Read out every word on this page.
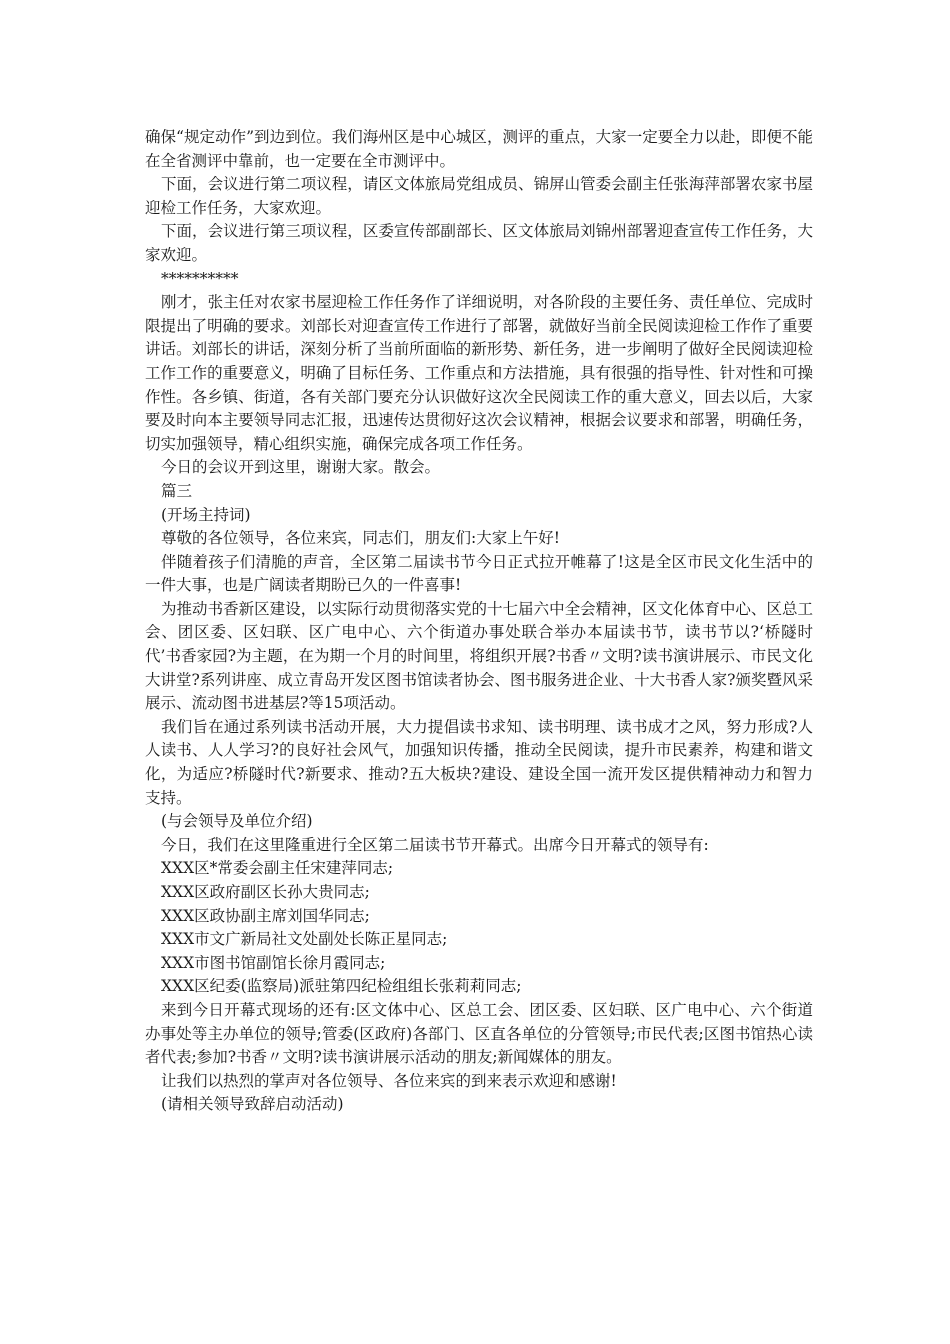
确保“规定动作”到边到位。我们海州区是中心城区，测评的重点，大家一定要全力以赴，即便不能在全省测评中靠前，也一定要在全市测评中。

下面，会议进行第二项议程，请区文体旅局党组成员、锦屏山管委会副主任张海萍部署农家书屋迎检工作任务，大家欢迎。

下面，会议进行第三项议程，区委宣传部副部长、区文体旅局刘锦州部署迎查宣传工作任务，大家欢迎。

**********

刚才，张主任对农家书屋迎检工作任务作了详细说明，对各阶段的主要任务、责任单位、完成时限提出了明确的要求。刘部长对迎查宣传工作进行了部署，就做好当前全民阅读迎检工作作了重要讲话。刘部长的讲话，深刻分析了当前所面临的新形势、新任务，进一步阐明了做好全民阅读迎检工作工作的重要意义，明确了目标任务、工作重点和方法措施，具有很强的指导性、针对性和可操作性。各乡镇、街道，各有关部门要充分认识做好这次全民阅读工作的重大意义，回去以后，大家要及时向本主要领导同志汇报，迅速传达贯彻好这次会议精神，根据会议要求和部署，明确任务，切实加强领导，精心组织实施，确保完成各项工作任务。

今日的会议开到这里，谢谢大家。散会。

篇三

(开场主持词)

尊敬的各位领导，各位来宾，同志们，朋友们:大家上午好!

伴随着孩子们清脆的声音，全区第二届读书节今日正式拉开帷幕了!这是全区市民文化生活中的一件大事，也是广阔读者期盼已久的一件喜事!

为推动书香新区建设，以实际行动贯彻落实党的十七届六中全会精神，区文化体育中心、区总工会、团区委、区妇联、区广电中心、六个街道办事处联合举办本届读书节，读书节以?‘桥隧时代’书香家园?为主题，在为期一个月的时间里，将组织开展?书香〃文明?读书演讲展示、市民文化大讲堂?系列讲座、成立青岛开发区图书馆读者协会、图书服务进企业、十大书香人家?颁奖暨风采展示、流动图书进基层?等15项活动。

我们旨在通过系列读书活动开展，大力提倡读书求知、读书明理、读书成才之风，努力形成?人人读书、人人学习?的良好社会风气，加强知识传播，推动全民阅读，提升市民素养，构建和谐文化，为适应?桥隧时代?新要求、推动?五大板块?建设、建设全国一流开发区提供精神动力和智力支持。

(与会领导及单位介绍)

今日，我们在这里隆重进行全区第二届读书节开幕式。出席今日开幕式的领导有:

XXX区*常委会副主任宋建萍同志;

XXX区政府副区长孙大贵同志;

XXX区政协副主席刘国华同志;

XXX市文广新局社文处副处长陈正星同志;

XXX市图书馆副馆长徐月霞同志;

XXX区纪委(监察局)派驻第四纪检组组长张莉莉同志;

来到今日开幕式现场的还有:区文体中心、区总工会、团区委、区妇联、区广电中心、六个街道办事处等主办单位的领导;管委(区政府)各部门、区直各单位的分管领导;市民代表;区图书馆热心读者代表;参加?书香〃文明?读书演讲展示活动的朋友;新闻媒体的朋友。

让我们以热烈的掌声对各位领导、各位来宾的到来表示欢迎和感谢!

(请相关领导致辞启动活动)
